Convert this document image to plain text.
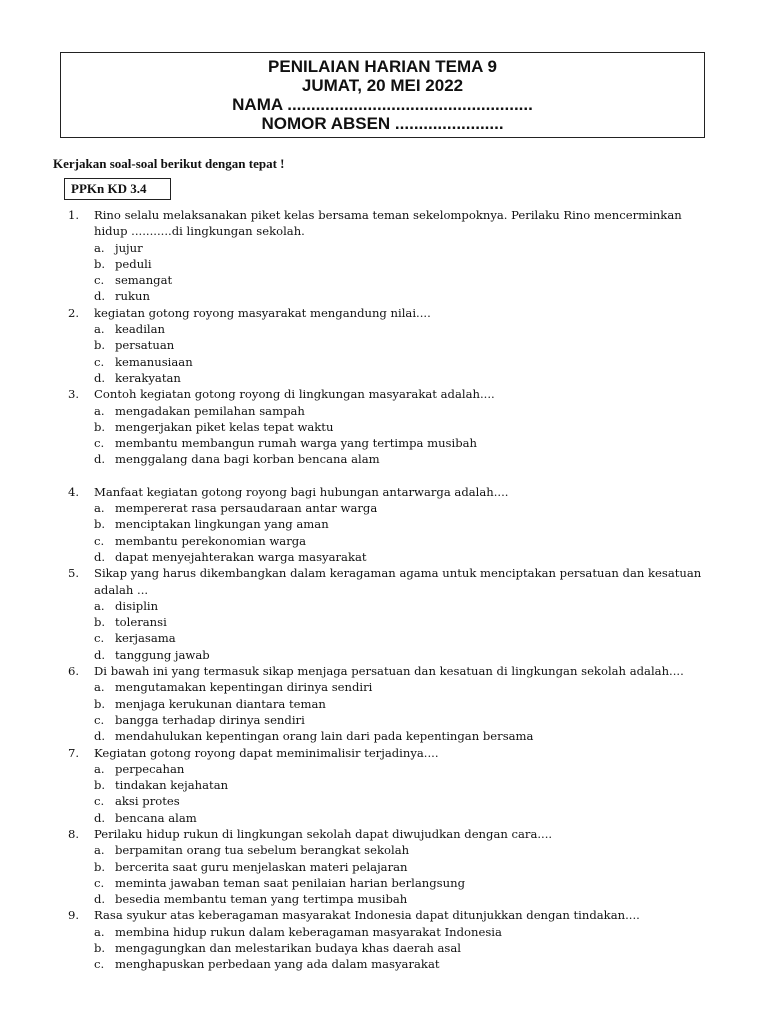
PENILAIAN HARIAN TEMA 9
JUMAT, 20 MEI 2022
NAMA ....................................................
NOMOR ABSEN .......................
Kerjakan soal-soal berikut dengan tepat !
PPKn KD 3.4
1. Rino selalu melaksanakan piket kelas bersama teman sekelompoknya. Perilaku Rino mencerminkan hidup ...........di lingkungan sekolah.
a. jujur
b. peduli
c. semangat
d. rukun
2. kegiatan gotong royong masyarakat mengandung nilai....
a. keadilan
b. persatuan
c. kemanusiaan
d. kerakyatan
3. Contoh kegiatan gotong royong di lingkungan masyarakat adalah....
a. mengadakan pemilahan sampah
b. mengerjakan piket kelas tepat waktu
c. membantu membangun rumah warga yang tertimpa musibah
d. menggalang dana bagi korban bencana alam
4. Manfaat kegiatan gotong royong bagi hubungan antarwarga adalah....
a. mempererat rasa persaudaraan antar warga
b. menciptakan lingkungan yang aman
c. membantu perekonomian warga
d. dapat menyejahterakan warga masyarakat
5. Sikap yang harus dikembangkan dalam keragaman agama untuk menciptakan persatuan dan kesatuan adalah ...
a. disiplin
b. toleransi
c. kerjasama
d. tanggung jawab
6. Di bawah ini yang termasuk sikap menjaga persatuan dan kesatuan di lingkungan sekolah adalah....
a. mengutamakan kepentingan dirinya sendiri
b. menjaga kerukunan diantara teman
c. bangga terhadap dirinya sendiri
d. mendahulukan kepentingan orang lain dari pada kepentingan bersama
7. Kegiatan gotong royong dapat meminimalisir terjadinya....
a. perpecahan
b. tindakan kejahatan
c. aksi protes
d. bencana alam
8. Perilaku hidup rukun di lingkungan sekolah dapat diwujudkan dengan cara....
a. berpamitan orang tua sebelum berangkat sekolah
b. bercerita saat guru menjelaskan materi pelajaran
c. meminta jawaban teman saat penilaian harian berlangsung
d. besedia membantu teman yang tertimpa musibah
9. Rasa syukur atas keberagaman masyarakat Indonesia dapat ditunjukkan dengan tindakan....
a. membina hidup rukun dalam keberagaman masyarakat Indonesia
b. mengagungkan dan melestarikan budaya khas daerah asal
c. menghapuskan perbedaan yang ada dalam masyarakat
